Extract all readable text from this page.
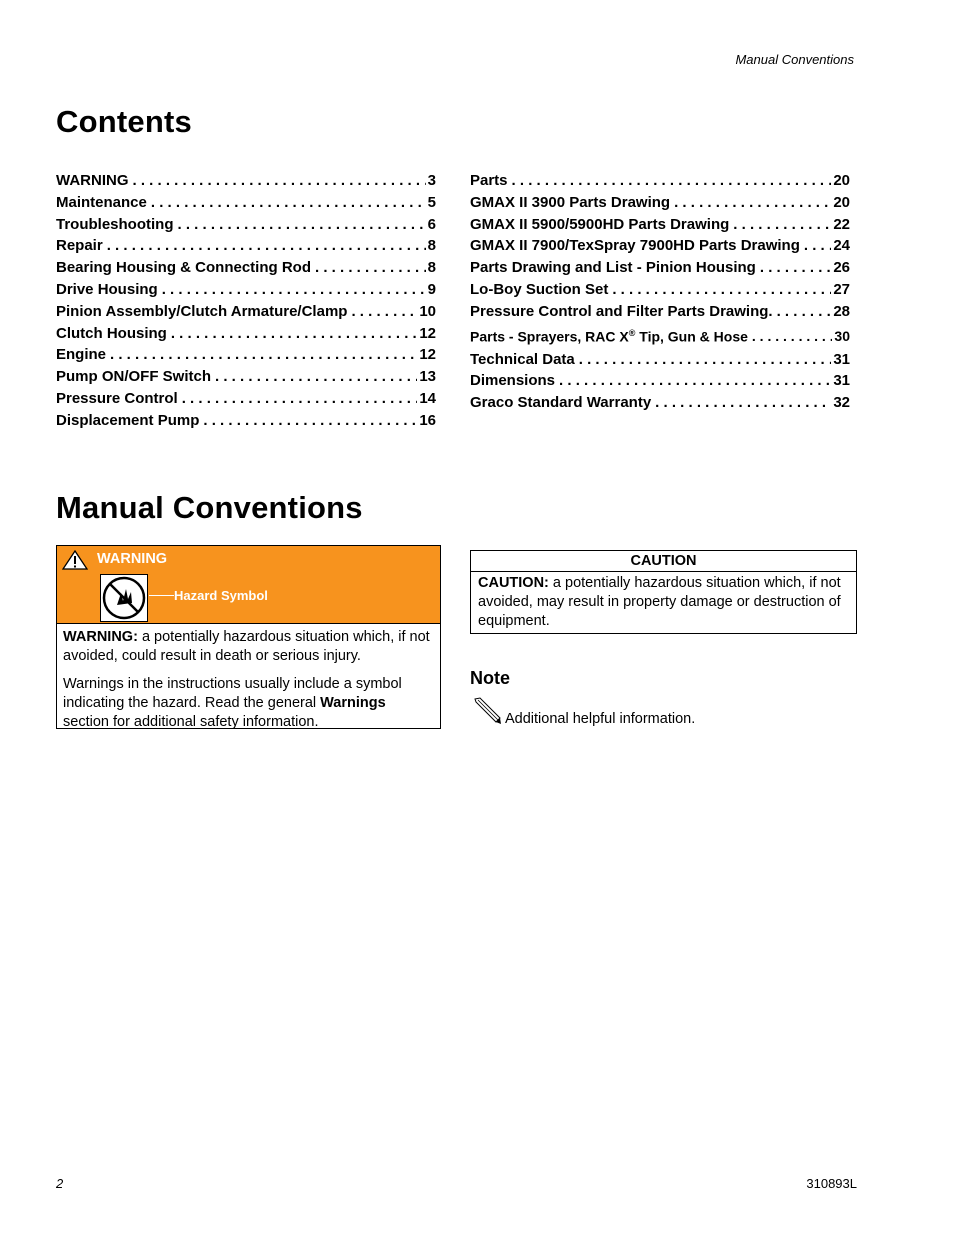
Manual Conventions
Contents
WARNING . . .	3
Maintenance . . .	5
Troubleshooting . . .	6
Repair . . .	8
Bearing Housing & Connecting Rod . . .	8
Drive Housing . . .	9
Pinion Assembly/Clutch Armature/Clamp . . .	10
Clutch Housing . . .	12
Engine . . .	12
Pump ON/OFF Switch . . .	13
Pressure Control . . .	14
Displacement Pump . . .	16
Parts . . .	20
GMAX II 3900 Parts Drawing . . .	20
GMAX II 5900/5900HD Parts Drawing . . .	22
GMAX II 7900/TexSpray 7900HD Parts Drawing . . . 24
Parts Drawing and List - Pinion Housing . . .	26
Lo-Boy Suction Set . . .	27
Pressure Control and Filter Parts Drawing. . . .	28
Parts - Sprayers, RAC X® Tip, Gun & Hose . . .	30
Technical Data . . .	31
Dimensions . . .	31
Graco Standard Warranty . . .	32
Manual Conventions
WARNING
Hazard Symbol

WARNING: a potentially hazardous situation which, if not avoided, could result in death or serious injury.

Warnings in the instructions usually include a symbol indicating the hazard. Read the general Warnings section for additional safety information.

CAUTION
CAUTION: a potentially hazardous situation which, if not avoided, may result in property damage or destruction of equipment.
Note
Additional helpful information.
2	310893L
